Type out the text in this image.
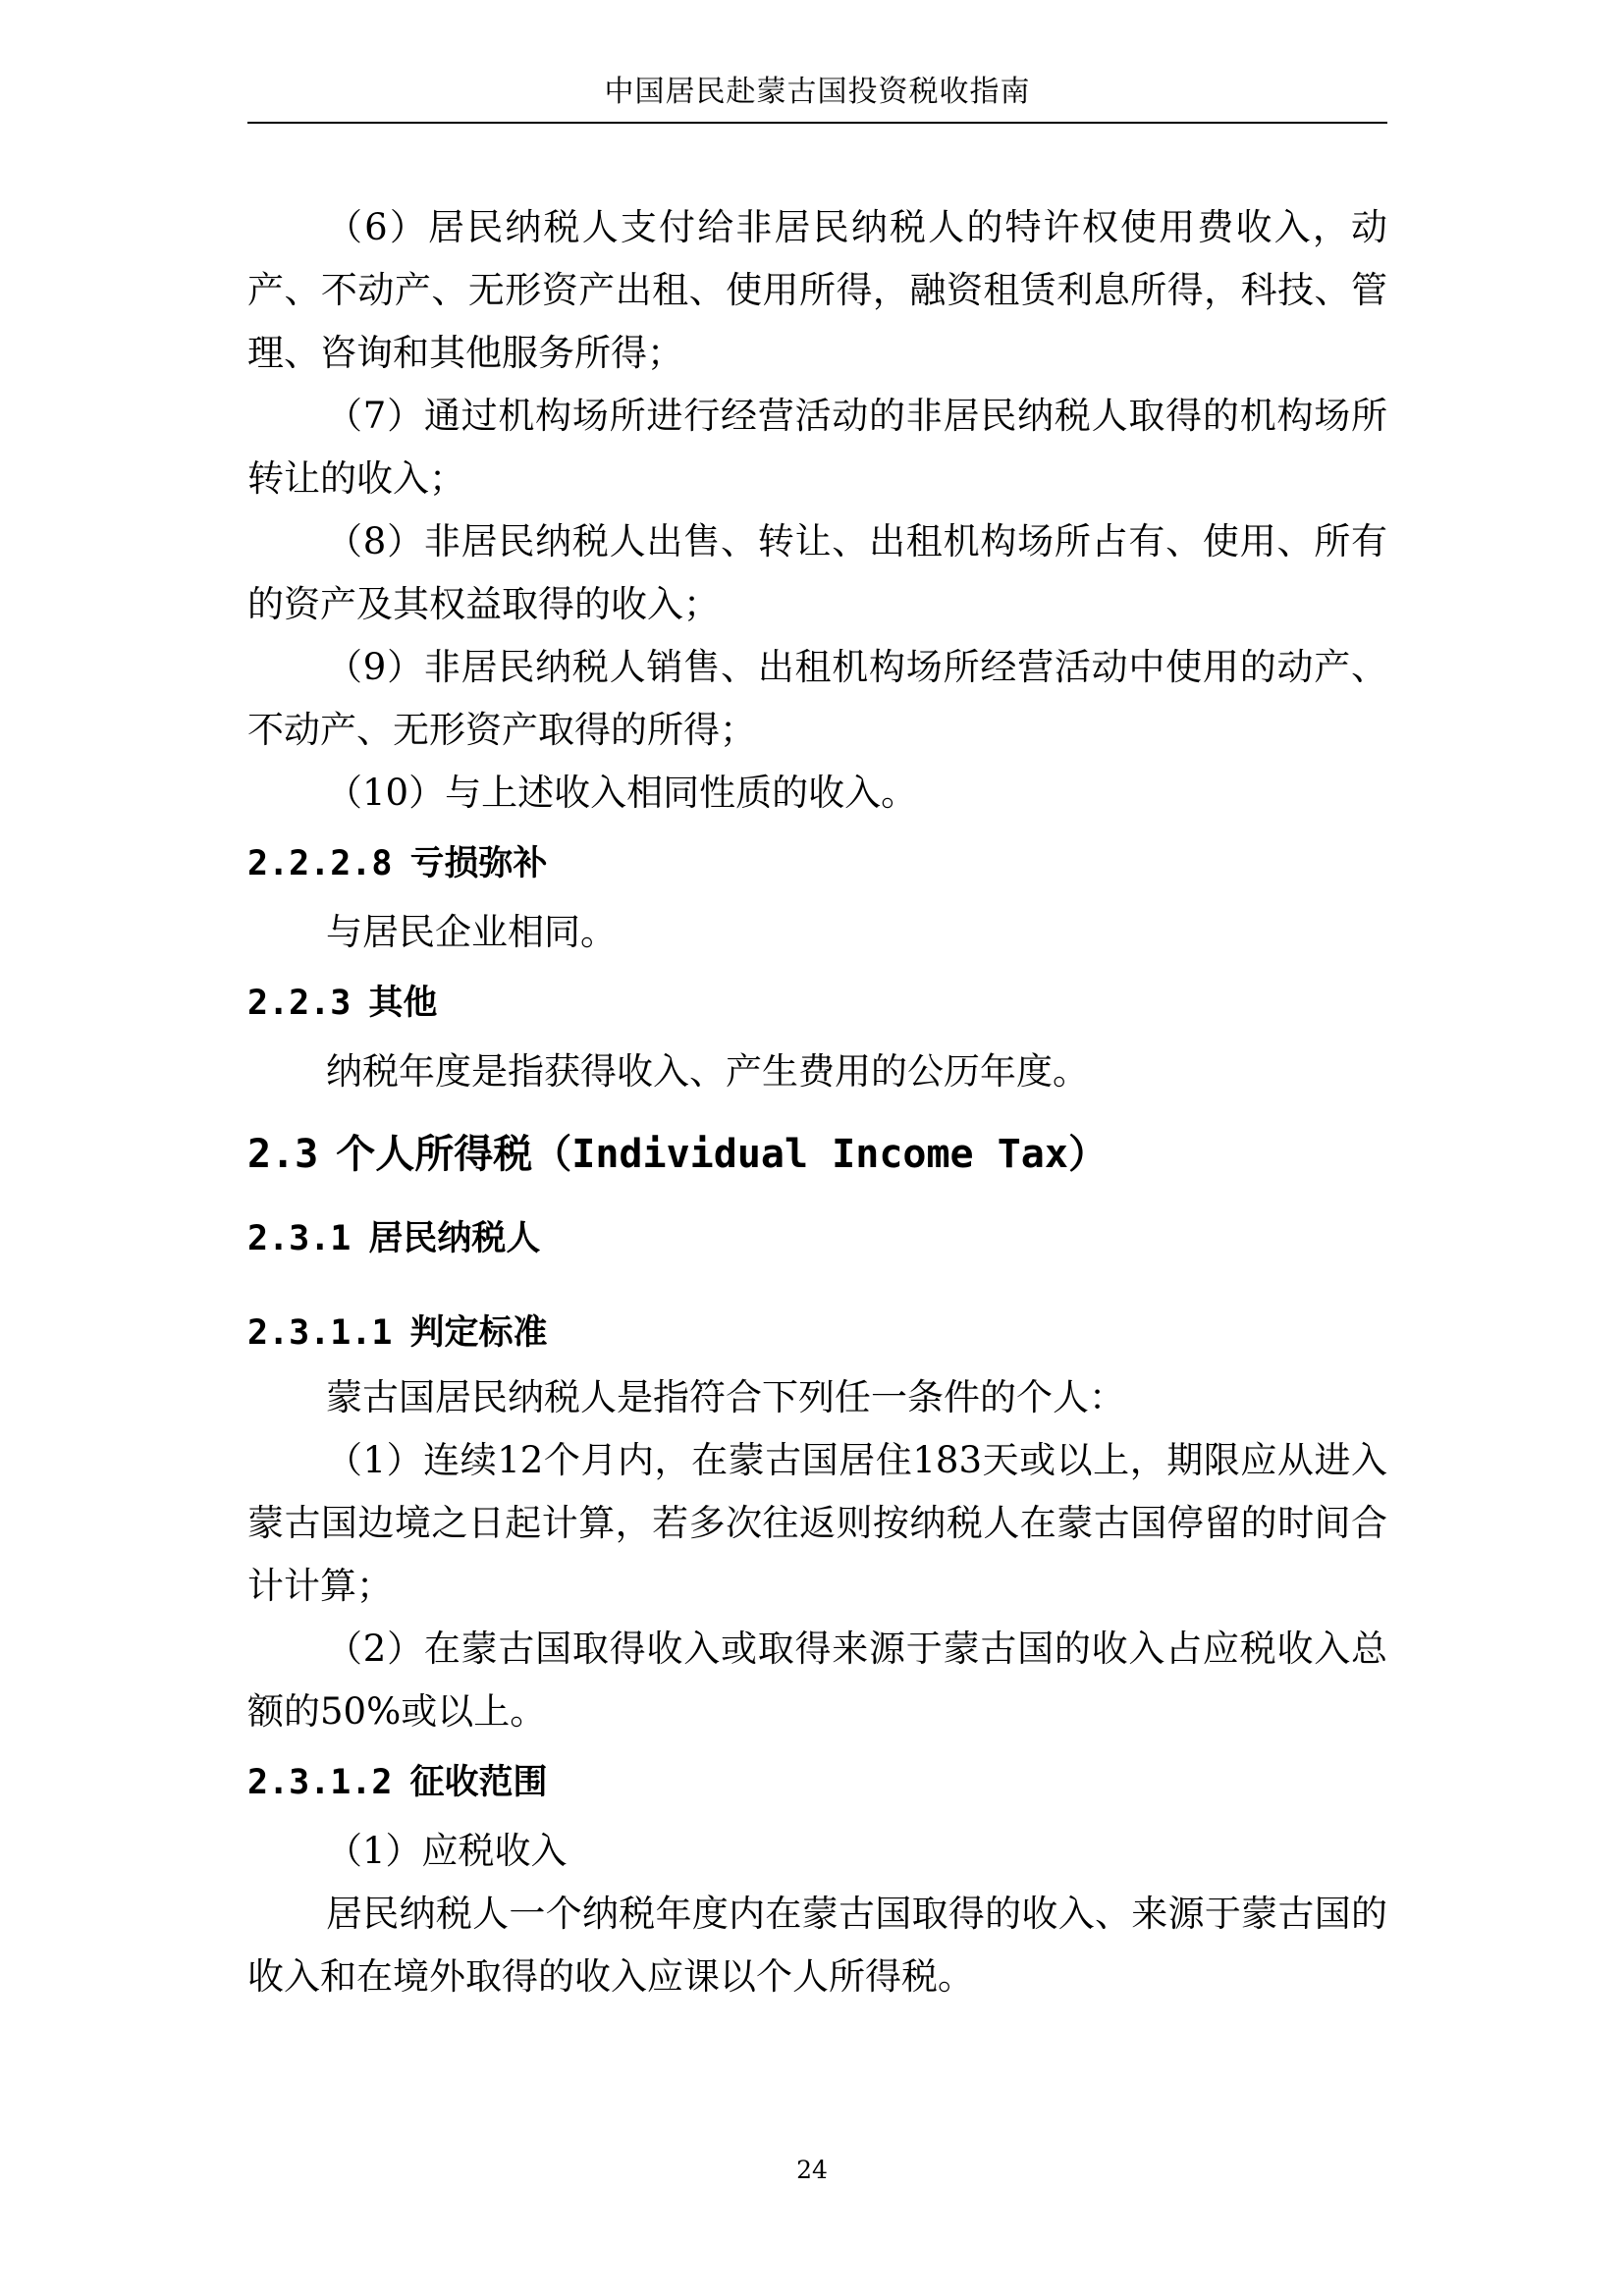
中国居民赴蒙古国投资税收指南

（6）居民纳税人支付给非居民纳税人的特许权使用费收入，动产、不动产、无形资产出租、使用所得，融资租赁利息所得，科技、管理、咨询和其他服务所得；

（7）通过机构场所进行经营活动的非居民纳税人取得的机构场所转让的收入；

（8）非居民纳税人出售、转让、出租机构场所占有、使用、所有的资产及其权益取得的收入；

（9）非居民纳税人销售、出租机构场所经营活动中使用的动产、不动产、无形资产取得的所得；

（10）与上述收入相同性质的收入。

2.2.2.8 亏损弥补

与居民企业相同。

2.2.3 其他

纳税年度是指获得收入、产生费用的公历年度。

2.3 个人所得税（Individual Income Tax）
2.3.1 居民纳税人
2.3.1.1 判定标准

蒙古国居民纳税人是指符合下列任一条件的个人：

（1）连续12个月内，在蒙古国居住183天或以上，期限应从进入蒙古国边境之日起计算，若多次往返则按纳税人在蒙古国停留的时间合计计算；

（2）在蒙古国取得收入或取得来源于蒙古国的收入占应税收入总额的50%或以上。

2.3.1.2 征收范围

（1）应税收入

居民纳税人一个纳税年度内在蒙古国取得的收入、来源于蒙古国的收入和在境外取得的收入应课以个人所得税。

24
